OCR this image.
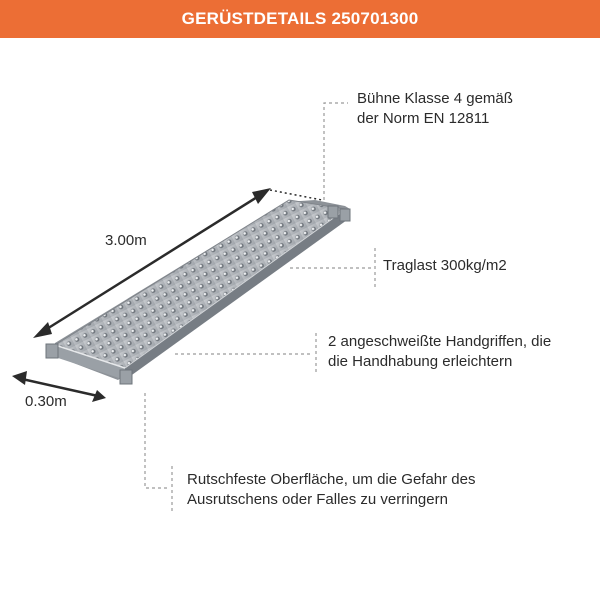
GERÜSTDETAILS 250701300
3.00m
0.30m
Bühne Klasse 4 gemäß
der Norm EN 12811
Traglast 300kg/m2
2 angeschweißte Handgriffen, die
die Handhabung erleichtern
Rutschfeste Oberfläche, um die Gefahr des
Ausrutschens oder Falles zu verringern
